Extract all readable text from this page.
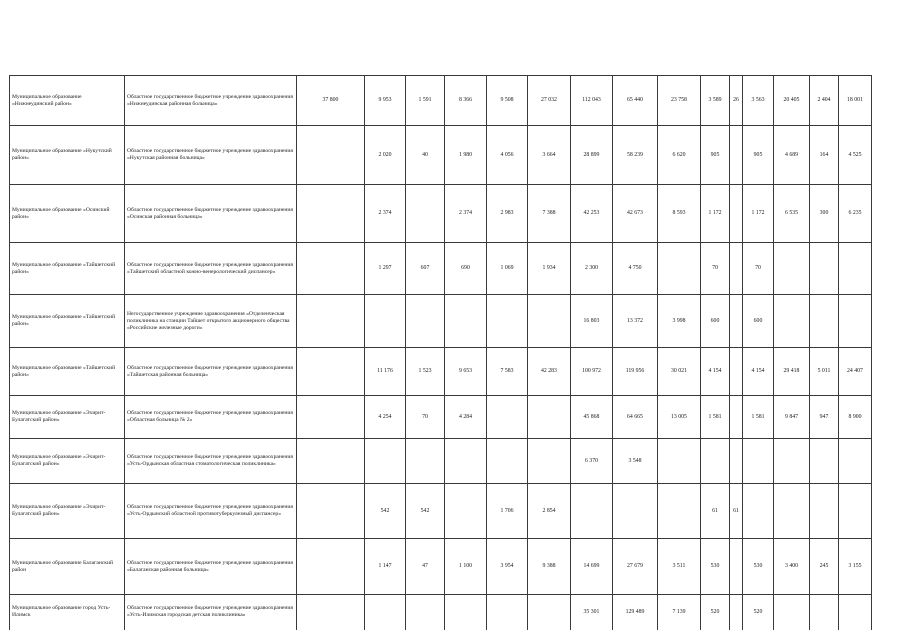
Муниципальное образование «Нижнеудинский район»	Областное государственное бюджетное учреждение здравоохранения «Нижнеудинская районная больница»	37 800	9 953	1 591	8 366	9 508	27 032	112 043	65 440	23 758	3 589	26	3 563	20 405	2 404	18 001
Муниципальное образование «Нукутский район»	Областное государственное бюджетное учреждение здравоохранения «Нукутская районная больница»		2 020	40	1 980	4 056	3 664	28 899	58 239	6 620	905		905	4 689	164	4 525
Муниципальное образование «Осинский район»	Областное государственное бюджетное учреждение здравоохранения «Осинская районная больница»		2 374		2 374	2 983	7 388	42 253	42 673	8 593	1 172		1 172	6 535	300	6 235
Муниципальное образование «Тайшетский район»	Областное государственное бюджетное учреждение здравоохранения «Тайшетский областной кожно-венерологический диспансер»		1 297	607	690	1 069	1 934	2 300	4 750		70		70			
Муниципальное образование «Тайшетский район»	Негосударственное учреждение здравоохранения «Отделенческая поликлиника на станции Тайшет открытого акционерного общества «Российские железные дороги»							16 803	13 372	3 998	600		600			
Муниципальное образование «Тайшетский район»	Областное государственное бюджетное учреждение здравоохранения «Тайшетская районная больница»		11 176	1 523	9 653	7 583	42 283	100 972	119 956	30 021	4 154		4 154	29 418	5 011	24 407
Муниципальное образование «Эхирит-Булагатский район»	Областное государственное бюджетное учреждение здравоохранения «Областная больница № 2»		4 254	70	4 284			45 868	64 665	13 005	1 581		1 581	9 847	947	8 900
Муниципальное образование «Эхирит-Булагатский район»	Областное государственное бюджетное учреждение здравоохранения «Усть-Ордынская областная стоматологическая поликлиника»							6 370	3 548							
Муниципальное образование «Эхирит-Булагатский район»	Областное государственное бюджетное учреждение здравоохранения «Усть-Ордынский областной противотуберкулезный диспансер»		542	542		1 706	2 854				61	61				
Муниципальное образование Балаганский район	Областное государственное бюджетное учреждение здравоохранения «Балаганская районная больница»		1 147	47	1 100	3 954	9 388	14 699	27 679	3 511	530		530	3 400	245	3 155
Муниципальное образование город Усть-Илимск	Областное государственное бюджетное учреждение здравоохранения «Усть-Илимская городская детская поликлиника»							35 301	129 489	7 139	520		520			
